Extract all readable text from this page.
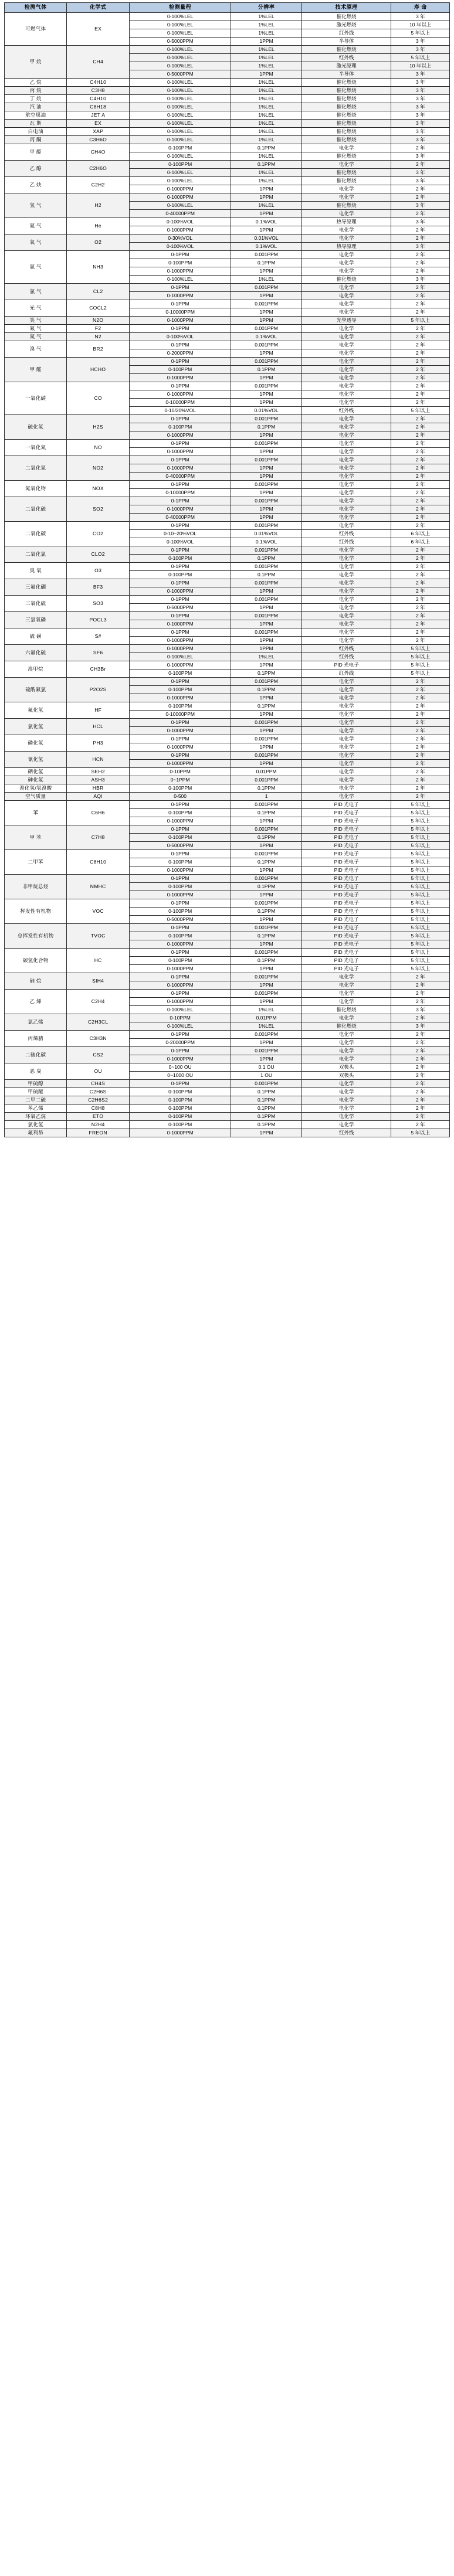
检测气体	化学式	检测量程	分辨率	技术原理	寿 命
可燃气体	EX	0-100%LEL	1%LEL	催化燃烧	3 年
		0-100%LEL	1%LEL	激光燃烧	10 年以上
		0-100%LEL	1%LEL	红外线	5 年以上
		0-5000PPM	1PPM	半导体	3 年
甲 烷	CH4	0-100%LEL	1%LEL	催化燃烧	3 年
		0-100%LEL	1%LEL	红外线	5 年以上
		0-100%LEL	1%LEL	激光原理	10 年以上
		0-5000PPM	1PPM	半导体	3 年
乙 烷	C4H10	0-100%LEL	1%LEL	催化燃烧	3 年
丙 烷	C3H8	0-100%LEL	1%LEL	催化燃烧	3 年
丁 烷	C4H10	0-100%LEL	1%LEL	催化燃烧	3 年
汽 油	C8H18	0-100%LEL	1%LEL	催化燃烧	3 年
航空煤油	JET A	0-100%LEL	1%LEL	催化燃烧	3 年
瓦 斯	EX	0-100%LEL	1%LEL	催化燃烧	3 年
白电油	XAP	0-100%LEL	1%LEL	催化燃烧	3 年
丙 酮	C3H6O	0-100%LEL	1%LEL	催化燃烧	3 年
甲 醛	CH4O	0-100PPM	0.1PPM	电化学	2 年
		0-100%LEL	1%LEL	催化燃烧	3 年
乙 醇	C2H6O	0-100PPM	0.1PPM	电化学	2 年
		0-100%LEL	1%LEL	催化燃烧	3 年
乙 炔	C2H2	0-100%LEL	1%LEL	催化燃烧	3 年
		0-1000PPM	1PPM	电化学	2 年
氢 气	H2	0-1000PPM	1PPM	电化学	2 年
		0-100%LEL	1%LEL	催化燃烧	3 年
		0-40000PPM	1PPM	电化学	2 年
氦 气	He	0-100%VOL	0.1%VOL	热导原理	3 年
		0-1000PPM	1PPM	电化学	2 年
氧 气	O2	0-30%VOL	0.01%VOL	电化学	2 年
		0-100%VOL	0.1%VOL	热导原理	3 年
氨 气	NH3	0-1PPM	0.001PPM	电化学	2 年
		0-100PPM	0.1PPM	电化学	2 年
		0-1000PPM	1PPM	电化学	2 年
		0-100%LEL	1%LEL	催化燃烧	3 年
氯 气	CL2	0-1PPM	0.001PPM	电化学	2 年
		0-1000PPM	1PPM	电化学	2 年
光 气	COCL2	0-1PPM	0.001PPM	电化学	2 年
		0-10000PPM	1PPM	电化学	2 年
笑 气	N2O	0-1000PPM	1PPM	光學透导	5 年以上
氟 气	F2	0-1PPM	0.001PPM	电化学	2 年
氮 气	N2	0-100%VOL	0.1%VOL	电化学	2 年
溴 气	BR2	0-1PPM	0.001PPM	电化学	2 年
		0-2000PPM	1PPM	电化学	2 年
甲 醛	HCHO	0-1PPM	0.001PPM	电化学	2 年
		0-100PPM	0.1PPM	电化学	2 年
		0-1000PPM	1PPM	电化学	2 年
一氧化碳	CO	0-1PPM	0.001PPM	电化学	2 年
		0-1000PPM	1PPM	电化学	2 年
		0-10000PPM	1PPM	电化学	2 年
		0-10/20%VOL	0.01%VOL	红外线	5 年以上
硫化氢	H2S	0-1PPM	0.001PPM	电化学	2 年
		0-100PPM	0.1PPM	电化学	2 年
		0-1000PPM	1PPM	电化学	2 年
一氧化氮	NO	0-1PPM	0.001PPM	电化学	2 年
		0-1000PPM	1PPM	电化学	2 年
二氧化氮	NO2	0-1PPM	0.001PPM	电化学	2 年
		0-1000PPM	1PPM	电化学	2 年
		0-40000PPM	1PPM	电化学	2 年
氮氧化物	NOX	0-1PPM	0.001PPM	电化学	2 年
		0-10000PPM	1PPM	电化学	2 年
二氧化硫	SO2	0-1PPM	0.001PPM	电化学	2 年
		0-1000PPM	1PPM	电化学	2 年
		0-40000PPM	1PPM	电化学	2 年
二氧化碳	CO2	0-1PPM	0.001PPM	电化学	2 年
		0-10~20%VOL	0.01%VOL	红外线	6 年以上
		0-100%VOL	0.1%VOL	红外线	6 年以上
二氧化氯	CLO2	0-1PPM	0.001PPM	电化学	2 年
		0-100PPM	0.1PPM	电化学	2 年
臭 氧	O3	0-1PPM	0.001PPM	电化学	2 年
		0-100PPM	0.1PPM	电化学	2 年
三氟化硼	BF3	0-1PPM	0.001PPM	电化学	2 年
		0-1000PPM	1PPM	电化学	2 年
三氧化硫	SO3	0-1PPM	0.001PPM	电化学	2 年
		0-5000PPM	1PPM	电化学	2 年
三氯氧磷	POCL3	0-1PPM	0.001PPM	电化学	2 年
		0-1000PPM	1PPM	电化学	2 年
硫 磺	S#	0-1PPM	0.001PPM	电化学	2 年
		0-1000PPM	1PPM	电化学	2 年
六氟化硫	SF6	0-1000PPM	1PPM	红外线	5 年以上
		0-100%LEL	1%LEL	红外线	5 年以上
溴甲烷	CH3Br	0-1000PPM	1PPM	PID 光电子	5 年以上
		0-100PPM	0.1PPM	红外线	5 年以上
硫酰氟氯	P2O2S	0-1PPM	0.001PPM	电化学	2 年
		0-100PPM	0.1PPM	电化学	2 年
		0-1000PPM	1PPM	电化学	2 年
氟化氢	HF	0-100PPM	0.1PPM	电化学	2 年
		0-10000PPM	1PPM	电化学	2 年
氯化氢	HCL	0-1PPM	0.001PPM	电化学	2 年
		0-1000PPM	1PPM	电化学	2 年
磷化氢	PH3	0-1PPM	0.001PPM	电化学	2 年
		0-1000PPM	1PPM	电化学	2 年
氰化氢	HCN	0-1PPM	0.001PPM	电化学	2 年
		0-1000PPM	1PPM	电化学	2 年
硒化氢	SEH2	0-10PPM	0.01PPM	电化学	2 年
砷化氢	ASH3	0~1PPM	0.001PPM	电化学	2 年
溴化氢/氢溴酸	HBR	0-100PPM	0.1PPM	电化学	2 年
空气质量	AQI	0-500	1	电化学	2 年
苯	C6H6	0-1PPM	0.001PPM	PID 光电子	5 年以上
		0-100PPM	0.1PPM	PID 光电子	5 年以上
		0-1000PPM	1PPM	PID 光电子	5 年以上
甲 苯	C7H8	0-1PPM	0.001PPM	PID 光电子	5 年以上
		0-100PPM	0.1PPM	PID 光电子	5 年以上
		0-5000PPM	1PPM	PID 光电子	5 年以上
二甲苯	C8H10	0-1PPM	0.001PPM	PID 光电子	5 年以上
		0-100PPM	0.1PPM	PID 光电子	5 年以上
		0-1000PPM	1PPM	PID 光电子	5 年以上
非甲烷总烃	NMHC	0-1PPM	0.001PPM	PID 光电子	5 年以上
		0-100PPM	0.1PPM	PID 光电子	5 年以上
		0-1000PPM	1PPM	PID 光电子	5 年以上
挥发性有机物	VOC	0-1PPM	0.001PPM	PID 光电子	5 年以上
		0-100PPM	0.1PPM	PID 光电子	5 年以上
		0-5000PPM	1PPM	PID 光电子	5 年以上
总挥发性有机物	TVOC	0-1PPM	0.001PPM	PID 光电子	5 年以上
		0-100PPM	0.1PPM	PID 光电子	5 年以上
		0-1000PPM	1PPM	PID 光电子	5 年以上
碳氢化合物	HC	0-1PPM	0.001PPM	PID 光电子	5 年以上
		0-100PPM	0.1PPM	PID 光电子	5 年以上
		0-1000PPM	1PPM	PID 光电子	5 年以上
硅 烷	SIH4	0-1PPM	0.001PPM	电化学	2 年
		0-1000PPM	1PPM	电化学	2 年
乙 烯	C2H4	0-1PPM	0.001PPM	电化学	2 年
		0-1000PPM	1PPM	电化学	2 年
		0-100%LEL	1%LEL	催化燃烧	3 年
氯乙烯	C2H3CL	0-10PPM	0.01PPM	电化学	2 年
		0-100%LEL	1%LEL	催化燃烧	3 年
丙烯腈	C3H3N	0-1PPM	0.001PPM	电化学	2 年
		0-20000PPM	1PPM	电化学	2 年
二硫化碳	CS2	0-1PPM	0.001PPM	电化学	2 年
		0-1000PPM	1PPM	电化学	2 年
恶 臭	OU	0~100 OU	0.1 OU	双极头	2 年
		0~1000 OU	1 OU	双极头	2 年
甲硫醇	CH4S	0-1PPM	0.001PPM	电化学	2 年
甲硫醚	C2H6S	0-100PPM	0.1PPM	电化学	2 年
二甲二硫	C2H6S2	0-100PPM	0.1PPM	电化学	2 年
苯乙烯	C8H8	0-100PPM	0.1PPM	电化学	2 年
环氧乙烷	ETO	0-100PPM	0.1PPM	电化学	2 年
氯化氢	N2H4	0-100PPM	0.1PPM	电化学	2 年
氟利昂	FREON	0-1000PPM	1PPM	红外线	5 年以上
